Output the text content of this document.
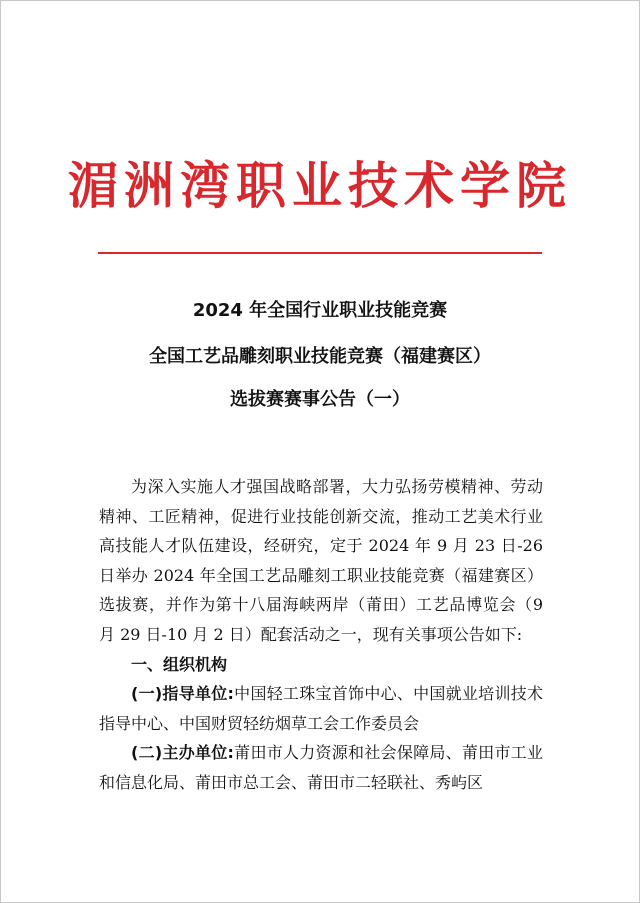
湄洲湾职业技术学院
2024 年全国行业职业技能竞赛
全国工艺品雕刻职业技能竞赛（福建赛区）
选拔赛赛事公告（一）

为深入实施人才强国战略部署，大力弘扬劳模精神、劳动精神、工匠精神，促进行业技能创新交流，推动工艺美术行业高技能人才队伍建设，经研究，定于 2024 年 9 月 23 日-26 日举办 2024 年全国工艺品雕刻工职业技能竞赛（福建赛区）选拔赛，并作为第十八届海峡两岸（莆田）工艺品博览会（9 月 29 日-10 月 2 日）配套活动之一，现有关事项公告如下:

一、组织机构

(一)指导单位:中国轻工珠宝首饰中心、中国就业培训技术指导中心、中国财贸轻纺烟草工会工作委员会

(二)主办单位:莆田市人力资源和社会保障局、莆田市工业和信息化局、莆田市总工会、莆田市二轻联社、秀屿区
